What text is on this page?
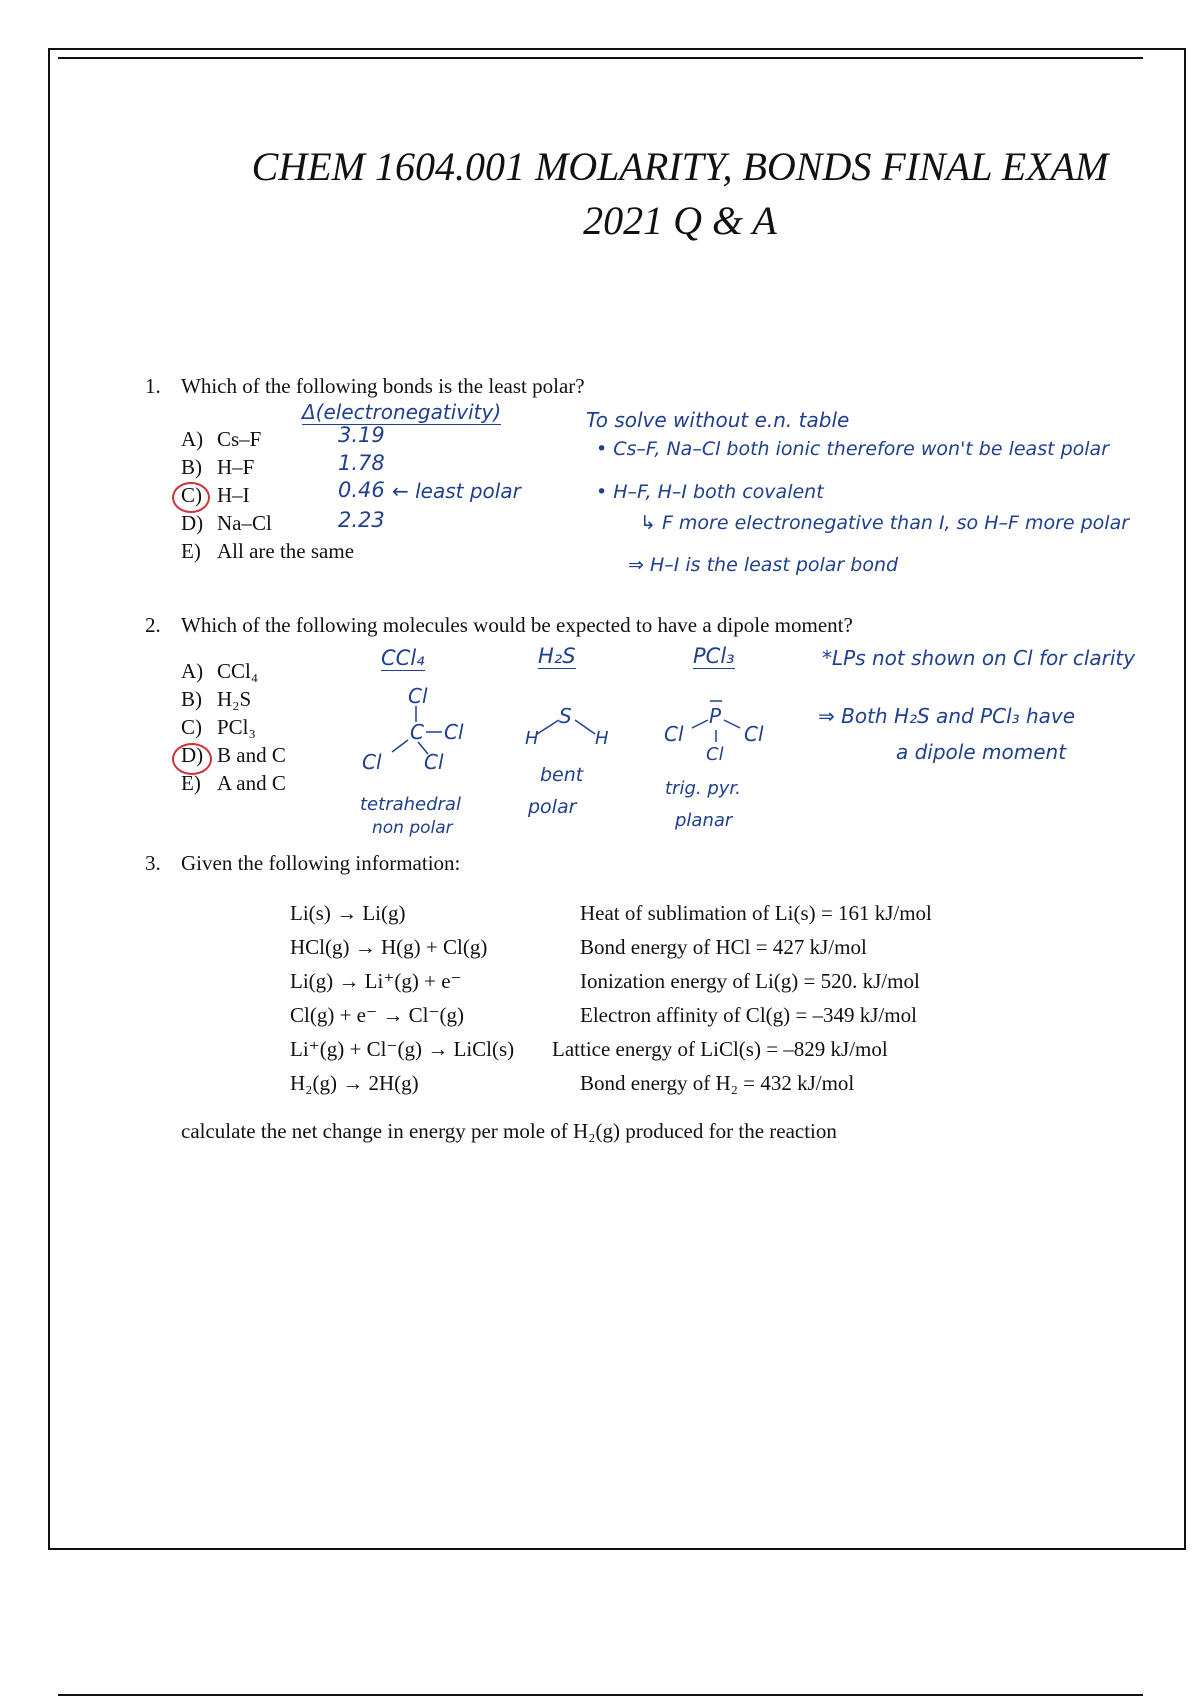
CHEM 1604.001 MOLARITY, BONDS FINAL EXAM
2021 Q & A
1. Which of the following bonds is the least polar?
A) Cs–F
B) H–F
C) H–I
D) Na–Cl
E) All are the same
Δ(electronegativity)
3.19
1.78
0.46 ← least polar
2.23
To solve without e.n. table
• Cs–F, Na–Cl both ionic therefore won't be least polar
• H–F, H–I both covalent
↳ F more electronegative than I, so H–F more polar
⇒ H–I is the least polar bond
2. Which of the following molecules would be expected to have a dipole moment?
A) CCl₄
B) H₂S
C) PCl₃
D) B and C
E) A and C
CCl₄
Cl
C Cl
Cl Cl
tetrahedral
non polar
H₂S
H
S
H
bent
polar
PCl₃
Cl
P
Cl
Cl
trig. pyr.
planar
*LPs not shown on Cl for clarity
⇒ Both H₂S and PCl₃ have
a dipole moment
3. Given the following information:
Li(s) → Li(g)	Heat of sublimation of Li(s) = 161 kJ/mol
HCl(g) → H(g) + Cl(g)	Bond energy of HCl = 427 kJ/mol
Li(g) → Li⁺(g) + e⁻	Ionization energy of Li(g) = 520. kJ/mol
Cl(g) + e⁻ → Cl⁻(g)	Electron affinity of Cl(g) = –349 kJ/mol
Li⁺(g) + Cl⁻(g) → LiCl(s) Lattice energy of LiCl(s) = –829 kJ/mol
H₂(g) → 2H(g)	Bond energy of H₂ = 432 kJ/mol
calculate the net change in energy per mole of H₂(g) produced for the reaction
